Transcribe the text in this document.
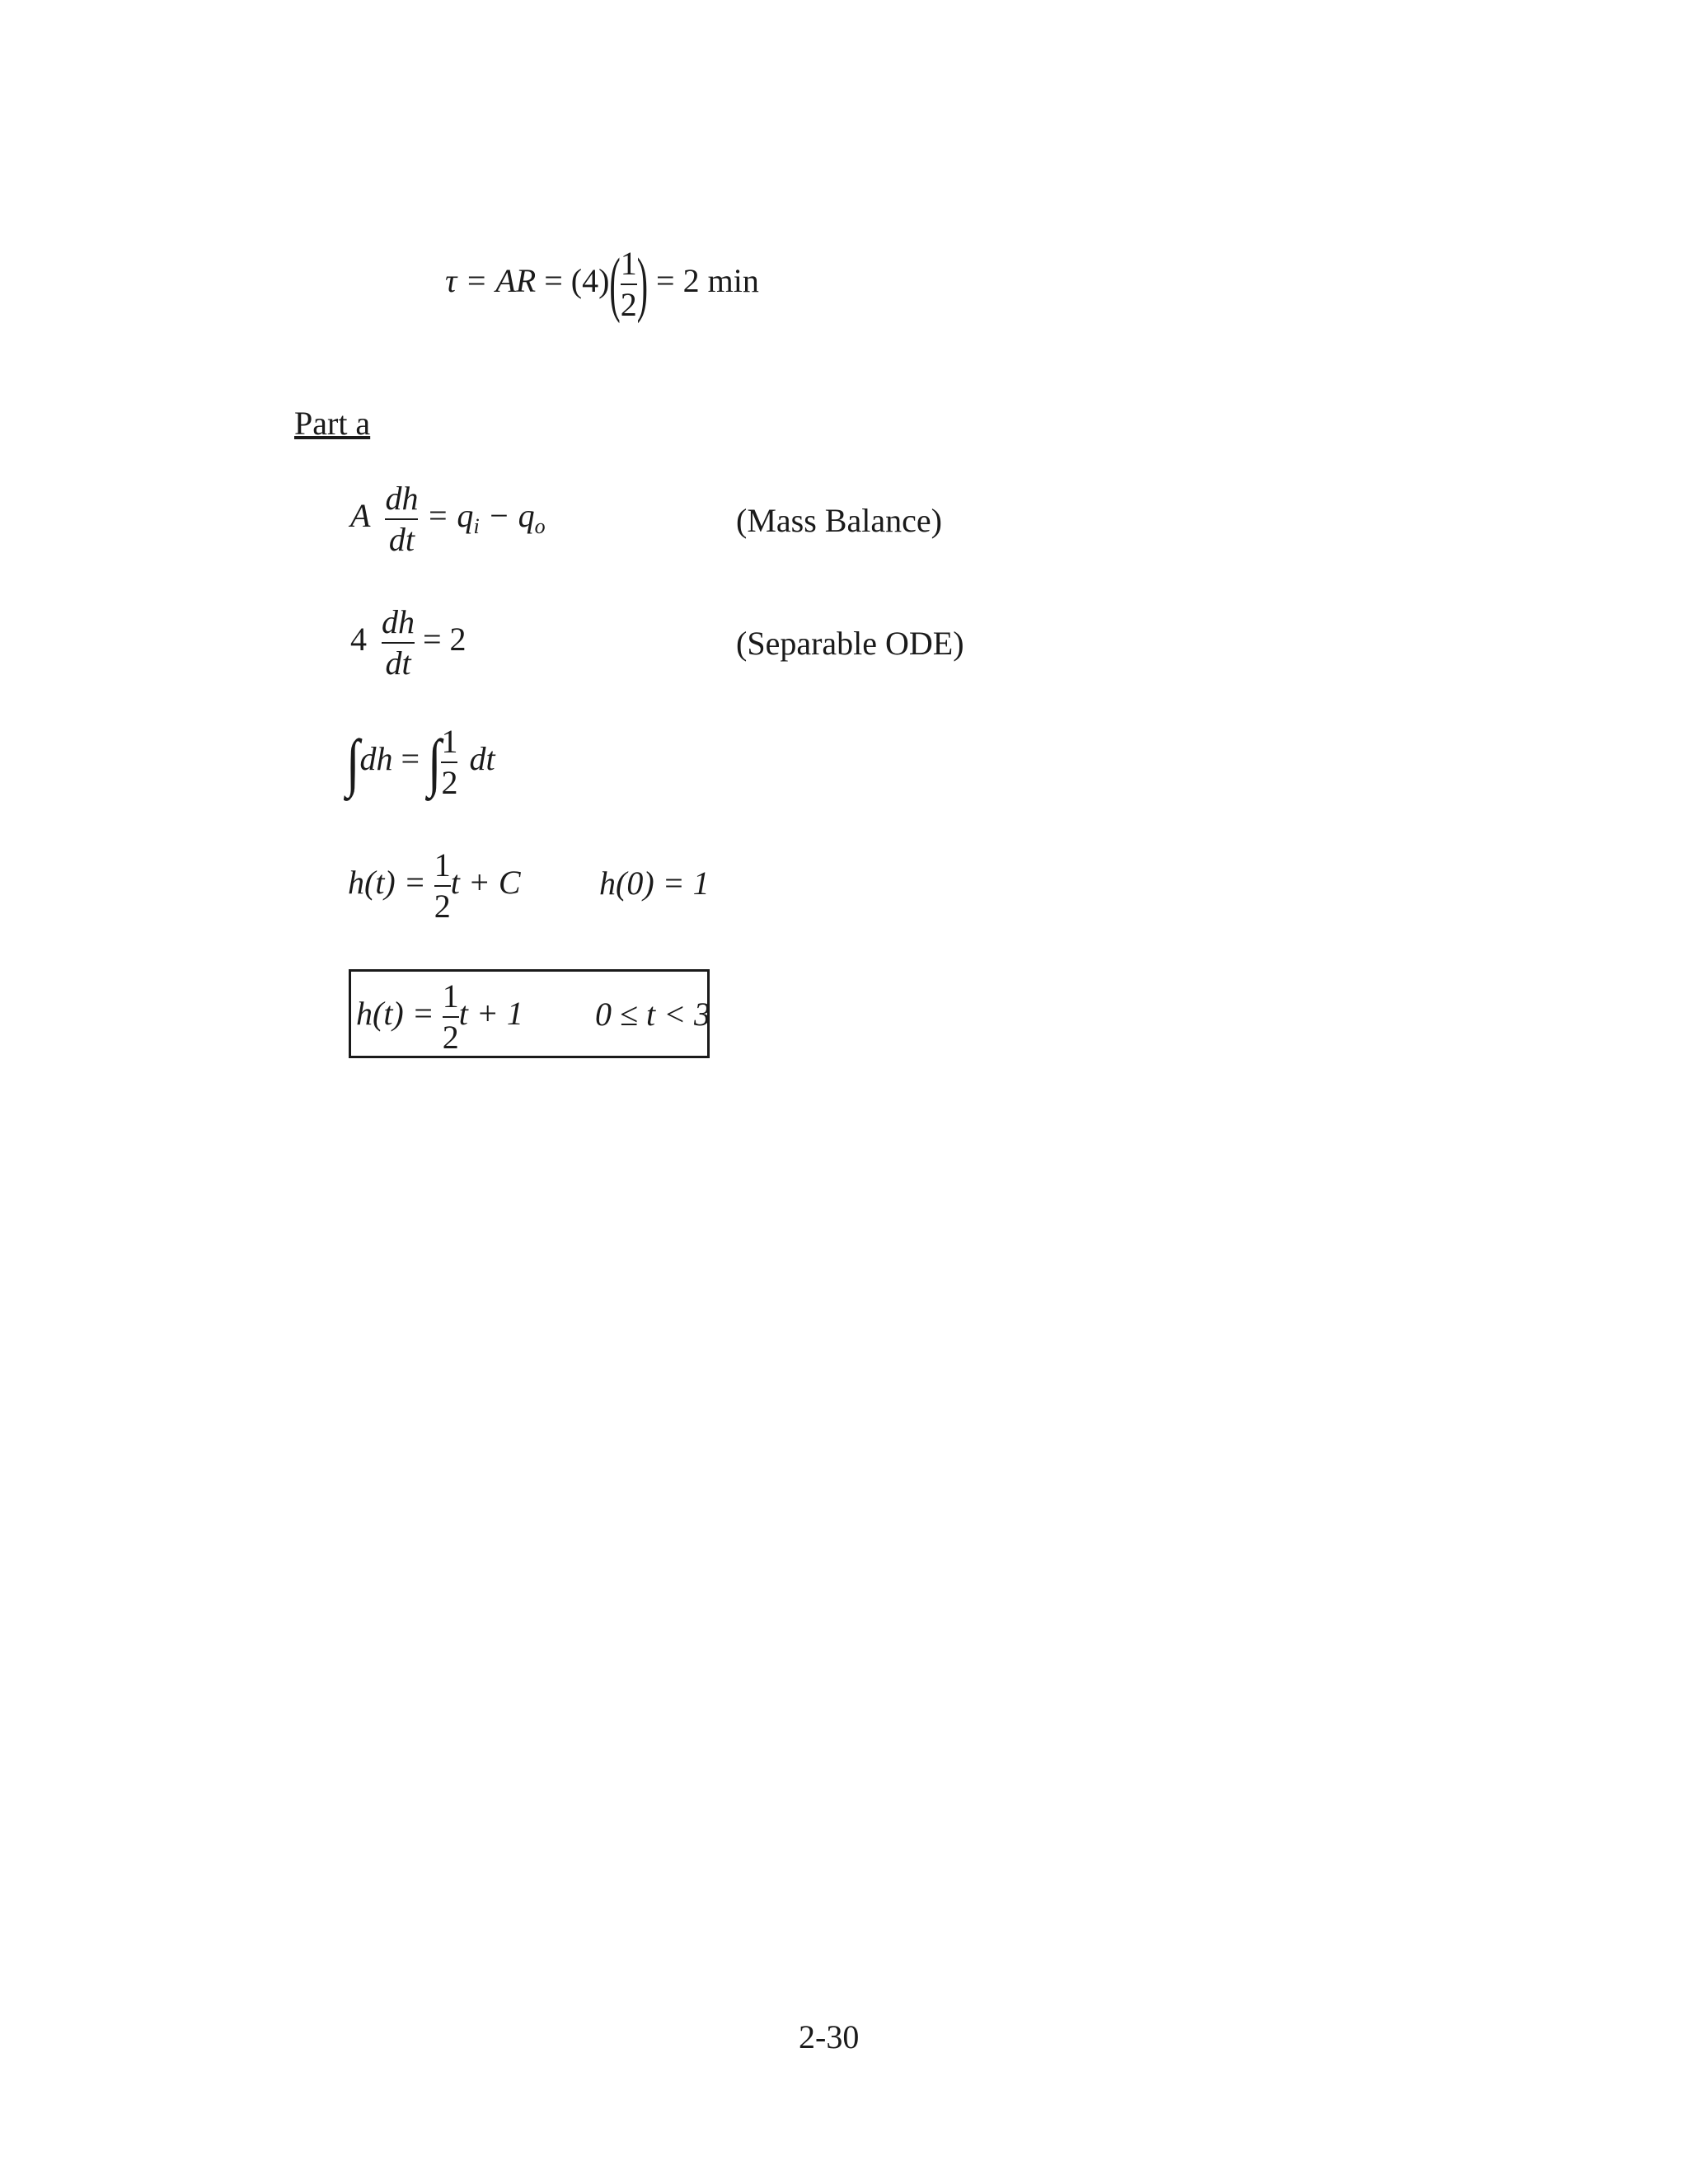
τ = AR = $(4)( \frac{1}{2}$ ) = 2 min
Part a
A $\frac{dh}{dt} = q_i - q_o$	(Mass Balance)
$4 \frac{dh}{dt} = 2$	(Separable ODE)
∫dh = ∫ $\frac{1}{2}$ dt
$h(t) = \frac{1}{2}$ t + C h(0) = 1
$h(t) = \frac{1}{2}$ t + 1 0 ≤ t < 3
2-30
